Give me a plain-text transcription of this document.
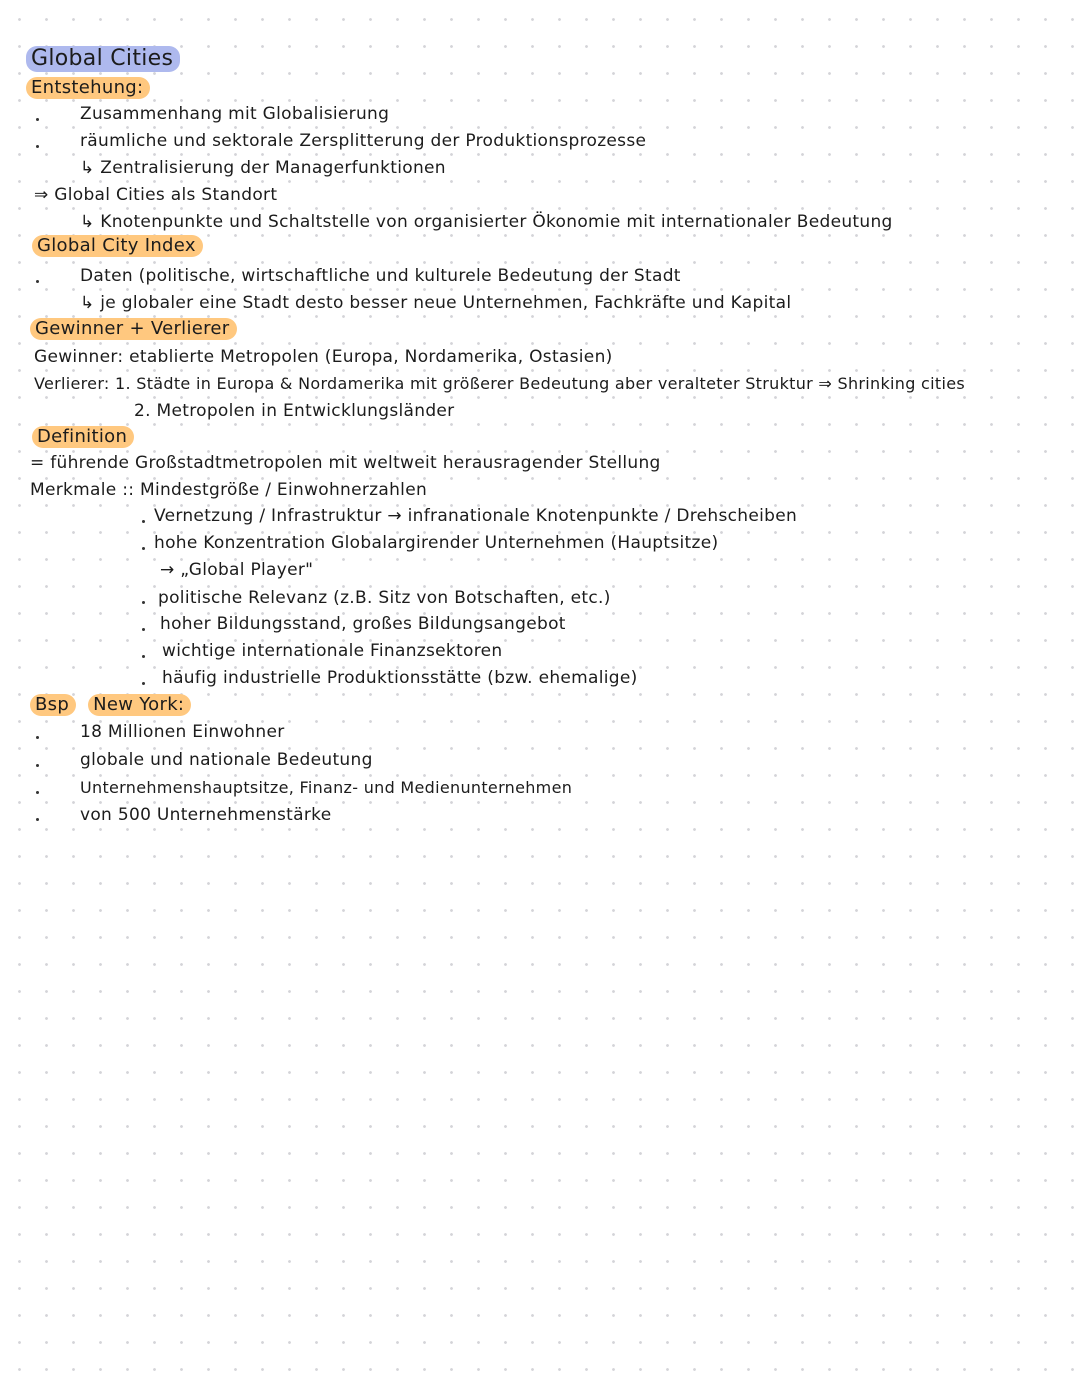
Global Cities
Entstehung:
Zusammenhang mit Globalisierung
räumliche und sektorale Zersplitterung der Produktionsprozesse
↳ Zentralisierung der Managerfunktionen
⇒ Global Cities als Standort
↳ Knotenpunkte und Schaltstelle von organisierter Ökonomie mit internationaler Bedeutung
Global City Index
Daten (politische, wirtschaftliche und kulturele Bedeutung der Stadt
↳ je globaler eine Stadt desto besser neue Unternehmen, Fachkräfte und Kapital
Gewinner + Verlierer
Gewinner: etablierte Metropolen (Europa, Nordamerika, Ostasien)
Verlierer: 1. Städte in Europa & Nordamerika mit größerer Bedeutung aber veralteter Struktur ⇒ Shrinking cities
2. Metropolen in Entwicklungsländer
Definition
= führende Großstadtmetropolen mit weltweit herausragender Stellung
Merkmale :: Mindestgröße / Einwohnerzahlen
Vernetzung / Infrastruktur → infranationale Knotenpunkte / Drehscheiben
hohe Konzentration Globalargirender Unternehmen (Hauptsitze)
→ „Global Player"
politische Relevanz (z.B. Sitz von Botschaften, etc.)
hoher Bildungsstand, großes Bildungsangebot
wichtige internationale Finanzsektoren
häufig industrielle Produktionsstätte (bzw. ehemalige)
Bsp New York:
18 Millionen Einwohner
globale und nationale Bedeutung
Unternehmenshauptsitze, Finanz- und Medienunternehmen
von 500 Unternehmenstärke
